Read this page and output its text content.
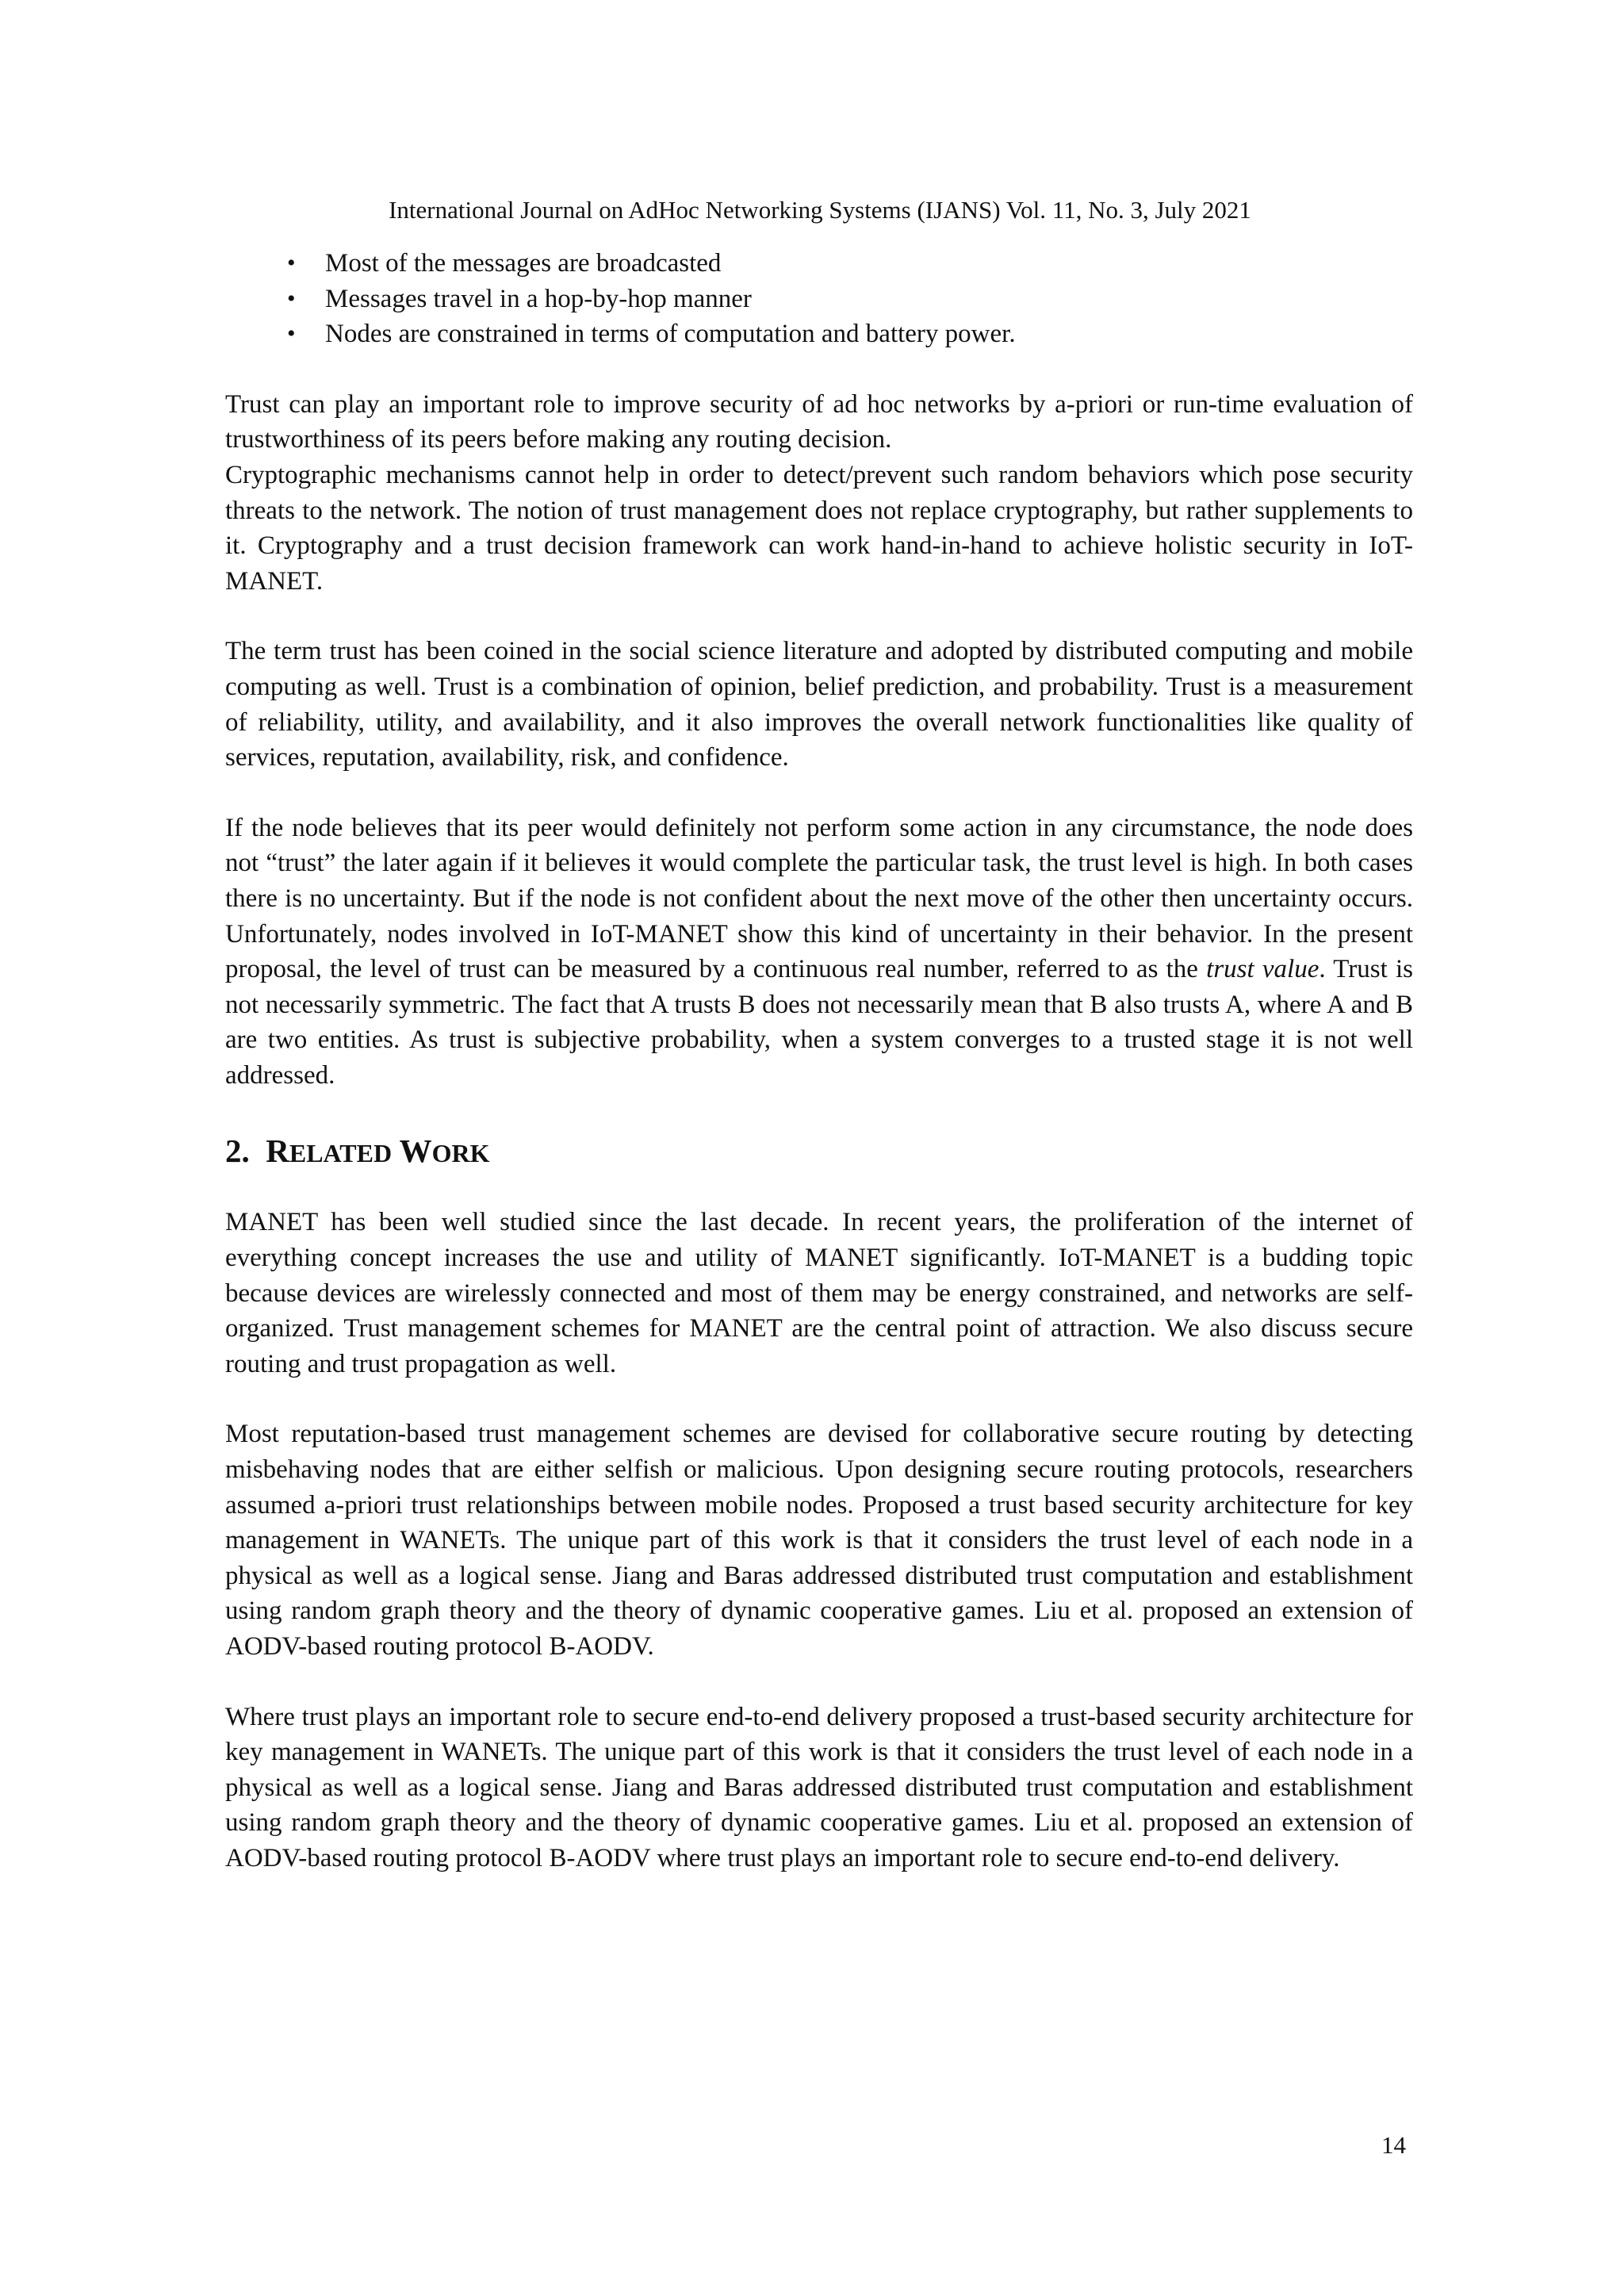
International Journal on AdHoc Networking Systems (IJANS) Vol. 11, No. 3, July 2021
• Most of the messages are broadcasted
• Messages travel in a hop-by-hop manner
• Nodes are constrained in terms of computation and battery power.

Trust can play an important role to improve security of ad hoc networks by a-priori or run-time evaluation of trustworthiness of its peers before making any routing decision.

Cryptographic mechanisms cannot help in order to detect/prevent such random behaviors which pose security threats to the network. The notion of trust management does not replace cryptography, but rather supplements to it. Cryptography and a trust decision framework can work hand-in-hand to achieve holistic security in IoT-MANET.

The term trust has been coined in the social science literature and adopted by distributed computing and mobile computing as well. Trust is a combination of opinion, belief prediction, and probability. Trust is a measurement of reliability, utility, and availability, and it also improves the overall network functionalities like quality of services, reputation, availability, risk, and confidence.

If the node believes that its peer would definitely not perform some action in any circumstance, the node does not “trust” the later again if it believes it would complete the particular task, the trust level is high. In both cases there is no uncertainty. But if the node is not confident about the next move of the other then uncertainty occurs. Unfortunately, nodes involved in IoT-MANET show this kind of uncertainty in their behavior. In the present proposal, the level of trust can be measured by a continuous real number, referred to as the trust value. Trust is not necessarily symmetric. The fact that A trusts B does not necessarily mean that B also trusts A, where A and B are two entities. As trust is subjective probability, when a system converges to a trusted stage it is not well addressed.

2. RELATED WORK

MANET has been well studied since the last decade. In recent years, the proliferation of the internet of everything concept increases the use and utility of MANET significantly. IoT-MANET is a budding topic because devices are wirelessly connected and most of them may be energy constrained, and networks are self-organized. Trust management schemes for MANET are the central point of attraction. We also discuss secure routing and trust propagation as well.

Most reputation-based trust management schemes are devised for collaborative secure routing by detecting misbehaving nodes that are either selfish or malicious. Upon designing secure routing protocols, researchers assumed a-priori trust relationships between mobile nodes. Proposed a trust based security architecture for key management in WANETs. The unique part of this work is that it considers the trust level of each node in a physical as well as a logical sense. Jiang and Baras addressed distributed trust computation and establishment using random graph theory and the theory of dynamic cooperative games. Liu et al. proposed an extension of AODV-based routing protocol B-AODV.

Where trust plays an important role to secure end-to-end delivery proposed a trust-based security architecture for key management in WANETs. The unique part of this work is that it considers the trust level of each node in a physical as well as a logical sense. Jiang and Baras addressed distributed trust computation and establishment using random graph theory and the theory of dynamic cooperative games. Liu et al. proposed an extension of AODV-based routing protocol B-AODV where trust plays an important role to secure end-to-end delivery.

14
